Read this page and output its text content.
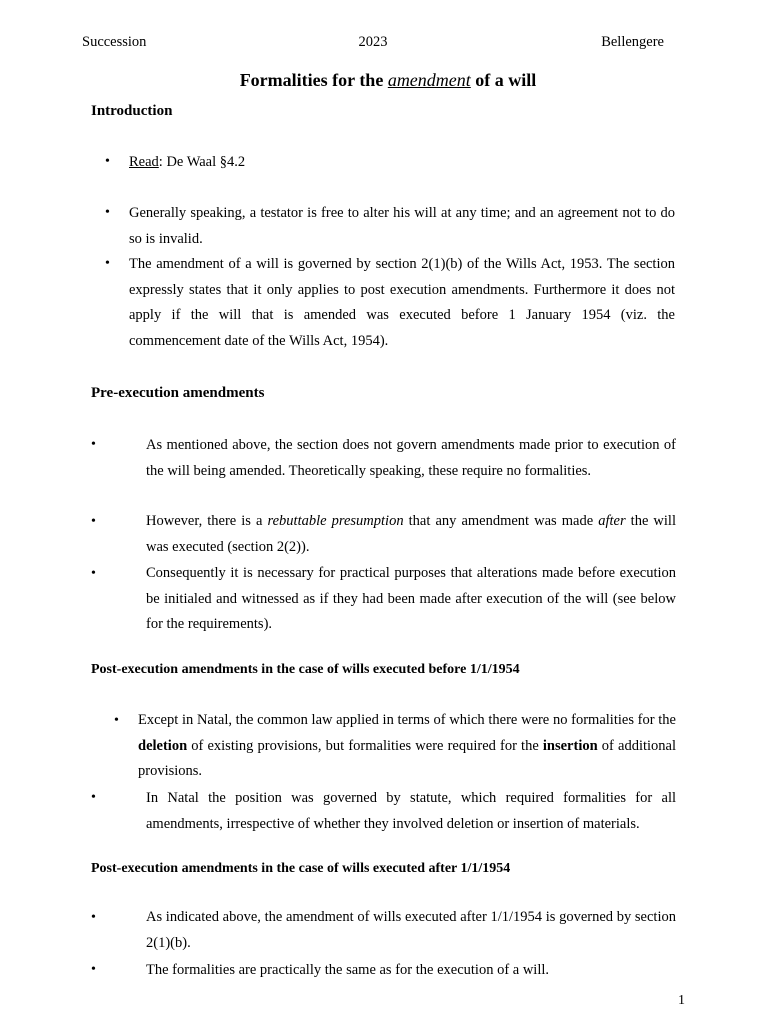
Succession	2023	Bellengere
Formalities for the amendment of a will
Introduction
• Read: De Waal §4.2
• Generally speaking, a testator is free to alter his will at any time; and an agreement not to do so is invalid.
• The amendment of a will is governed by section 2(1)(b) of the Wills Act, 1953. The section expressly states that it only applies to post execution amendments. Furthermore it does not apply if the will that is amended was executed before 1 January 1954 (viz. the commencement date of the Wills Act, 1954).
Pre-execution amendments
•	As mentioned above, the section does not govern amendments made prior to execution of the will being amended. Theoretically speaking, these require no formalities.
•	However, there is a rebuttable presumption that any amendment was made after the will was executed (section 2(2)).
•	Consequently it is necessary for practical purposes that alterations made before execution be initialed and witnessed as if they had been made after execution of the will (see below for the requirements).
Post-execution amendments in the case of wills executed before 1/1/1954
• Except in Natal, the common law applied in terms of which there were no formalities for the deletion of existing provisions, but formalities were required for the insertion of additional provisions.
•	In Natal the position was governed by statute, which required formalities for all amendments, irrespective of whether they involved deletion or insertion of materials.
Post-execution amendments in the case of wills executed after 1/1/1954
•	As indicated above, the amendment of wills executed after 1/1/1954 is governed by section 2(1)(b).
•	The formalities are practically the same as for the execution of a will.
1
